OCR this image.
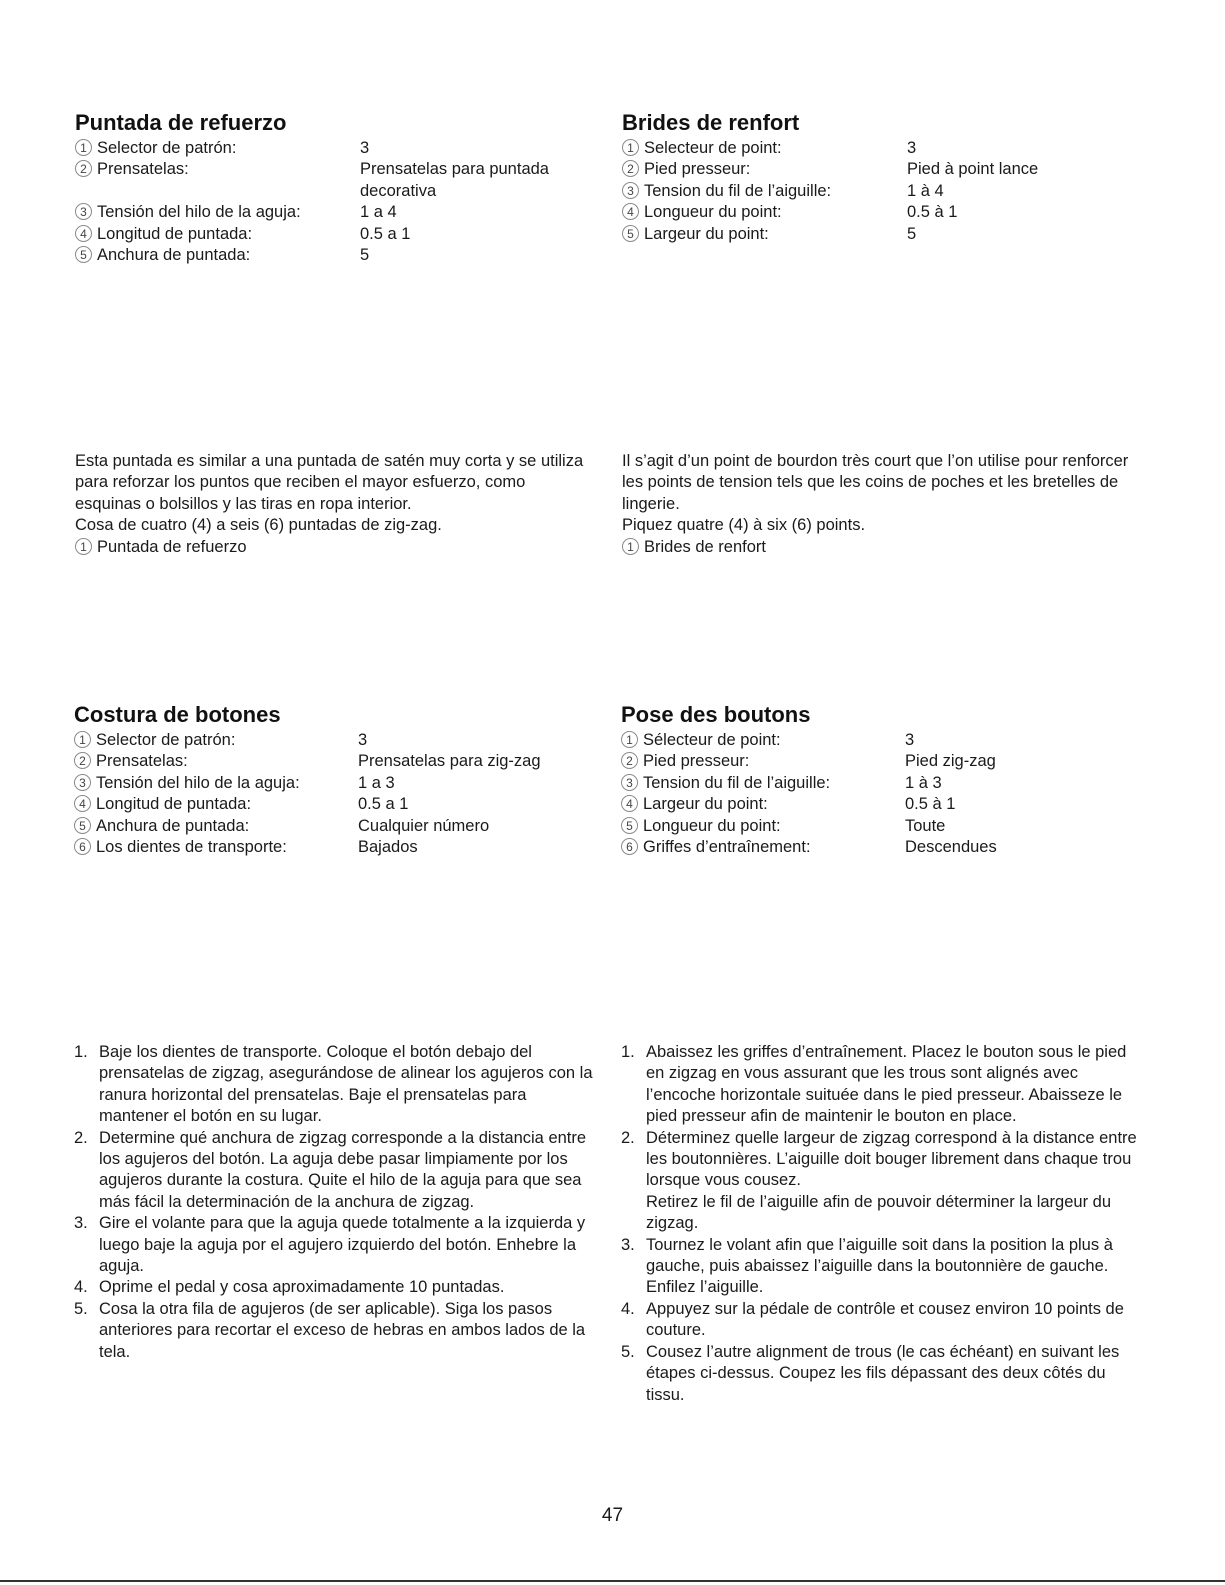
Puntada de refuerzo
1 Selector de patrón:	3
2 Prensatelas:	Prensatelas para puntada decorativa
3 Tensión del hilo de la aguja:	1 a 4
4 Longitud de puntada:	0.5 a 1
5 Anchura de puntada:	5

Esta puntada es similar a una puntada de satén muy corta y se utiliza para reforzar los puntos que reciben el mayor esfuerzo, como esquinas o bolsillos y las tiras en ropa interior.

Cosa de cuatro (4) a seis (6) puntadas de zig-zag.

1 Puntada de refuerzo
Brides de renfort
1 Selecteur de point:	3
2 Pied presseur:	Pied à point lance
3 Tension du fil de l’aiguille:	1 à 4
4 Longueur du point:	0.5 à 1
5 Largeur du point:	5

Il s’agit d’un point de bourdon très court que l’on utilise pour renforcer les points de tension tels que les coins de poches et les bretelles de lingerie.

Piquez quatre (4) à six (6) points.

1 Brides de renfort
Costura de botones
1 Selector de patrón:	3
2 Prensatelas:	Prensatelas para zig-zag
3 Tensión del hilo de la aguja:	1 a 3
4 Longitud de puntada:	0.5 a 1
5 Anchura de puntada:	Cualquier número
6 Los dientes de transporte:	Bajados
Pose des boutons
1 Sélecteur de point:	3
2 Pied presseur:	Pied zig-zag
3 Tension du fil de l’aiguille:	1 à 3
4 Largeur du point:	0.5 à 1
5 Longueur du point:	Toute
6 Griffes d’entraînement:	Descendues
1. Baje los dientes de transporte. Coloque el botón debajo del prensatelas de zigzag, asegurándose de alinear los agujeros con la ranura horizontal del prensatelas. Baje el prensatelas para mantener el botón en su lugar.
2. Determine qué anchura de zigzag corresponde a la distancia entre los agujeros del botón. La aguja debe pasar limpiamente por los agujeros durante la costura. Quite el hilo de la aguja para que sea más fácil la determinación de la anchura de zigzag.
3. Gire el volante para que la aguja quede totalmente a la izquierda y luego baje la aguja por el agujero izquierdo del botón. Enhebre la aguja.
4. Oprime el pedal y cosa aproximadamente 10 puntadas.
5. Cosa la otra fila de agujeros (de ser aplicable). Siga los pasos anteriores para recortar el exceso de hebras en ambos lados de la tela.
1. Abaissez les griffes d’entraînement. Placez le bouton sous le pied en zigzag en vous assurant que les trous sont alignés avec l’encoche horizontale suituée dans le pied presseur. Abaisseze le pied presseur afin de maintenir le bouton en place.
2. Déterminez quelle largeur de zigzag correspond à la distance entre les boutonnières. L’aiguille doit bouger librement dans chaque trou lorsque vous cousez.
Retirez le fil de l’aiguille afin de pouvoir déterminer la largeur du zigzag.
3. Tournez le volant afin que l’aiguille soit dans la position la plus à gauche, puis abaissez l’aiguille dans la boutonnière de gauche. Enfilez l’aiguille.
4. Appuyez sur la pédale de contrôle et cousez environ 10 points de couture.
5. Cousez l’autre alignment de trous (le cas échéant) en suivant les étapes ci-dessus. Coupez les fils dépassant des deux côtés du tissu.
47
